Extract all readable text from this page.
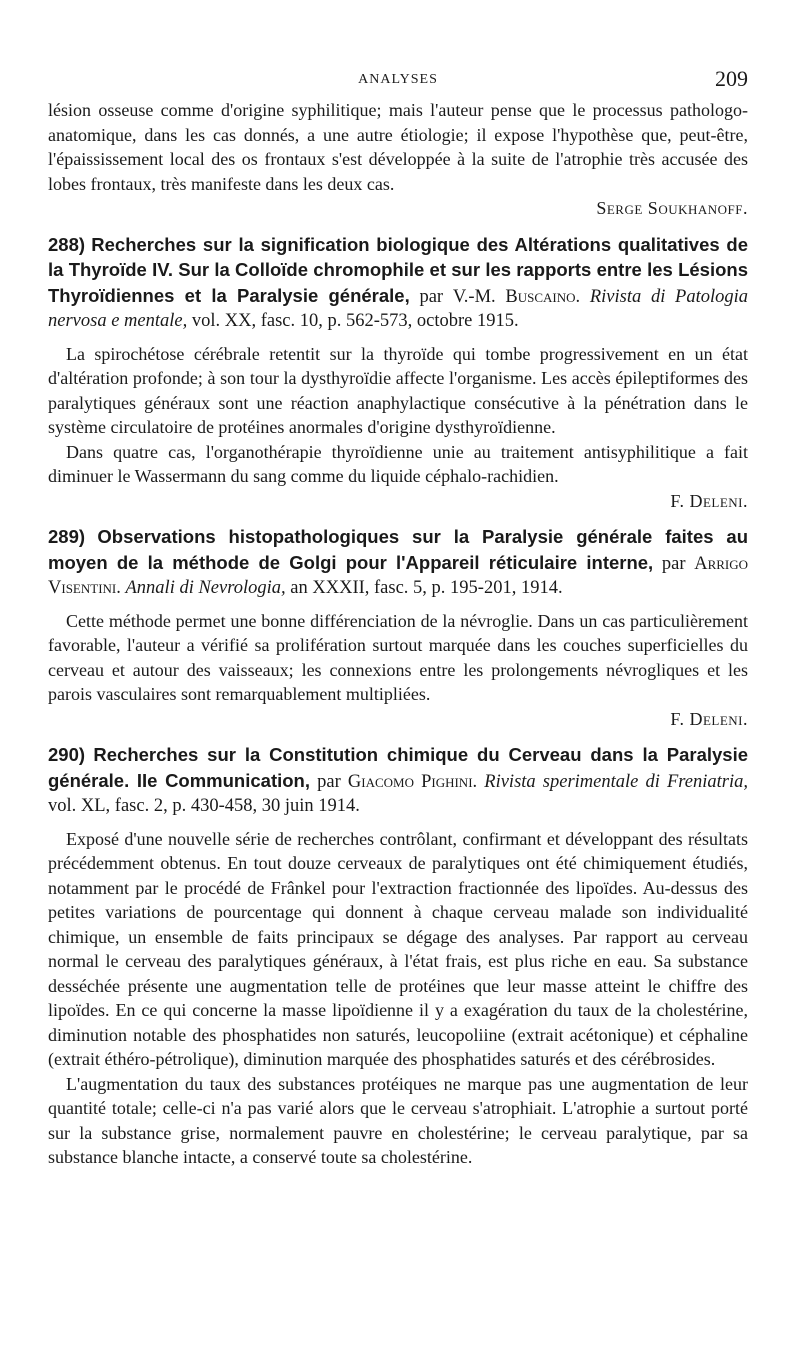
ANALYSES	209

lésion osseuse comme d'origine syphilitique; mais l'auteur pense que le processus pathologo-anatomique, dans les cas donnés, a une autre étiologie; il expose l'hypothèse que, peut-être, l'épaississement local des os frontaux s'est développée à la suite de l'atrophie très accusée des lobes frontaux, très manifeste dans les deux cas.

Serge Soukhanoff.

288) Recherches sur la signification biologique des Altérations qualitatives de la Thyroïde IV. Sur la Colloïde chromophile et sur les rapports entre les Lésions Thyroïdiennes et la Paralysie générale, par V.-M. Buscaino. Rivista di Patologia nervosa e mentale, vol. XX, fasc. 10, p. 562-573, octobre 1915.

La spirochétose cérébrale retentit sur la thyroïde qui tombe progressivement en un état d'altération profonde; à son tour la dysthyroïdie affecte l'organisme. Les accès épileptiformes des paralytiques généraux sont une réaction anaphylactique consécutive à la pénétration dans le système circulatoire de protéines anormales d'origine dysthyroïdienne.

Dans quatre cas, l'organothérapie thyroïdienne unie au traitement antisyphilitique a fait diminuer le Wassermann du sang comme du liquide céphalo-rachidien.

F. Deleni.

289) Observations histopathologiques sur la Paralysie générale faites au moyen de la méthode de Golgi pour l'Appareil réticulaire interne, par Arrigo Visentini. Annali di Nevrologia, an XXXII, fasc. 5, p. 195-201, 1914.

Cette méthode permet une bonne différenciation de la névroglie. Dans un cas particulièrement favorable, l'auteur a vérifié sa prolifération surtout marquée dans les couches superficielles du cerveau et autour des vaisseaux; les connexions entre les prolongements névrogliques et les parois vasculaires sont remarquablement multipliées.

F. Deleni.

290) Recherches sur la Constitution chimique du Cerveau dans la Paralysie générale. IIe Communication, par Giacomo Pighini. Rivista sperimentale di Freniatria, vol. XL, fasc. 2, p. 430-458, 30 juin 1914.

Exposé d'une nouvelle série de recherches contrôlant, confirmant et développant des résultats précédemment obtenus. En tout douze cerveaux de paralytiques ont été chimiquement étudiés, notamment par le procédé de Frânkel pour l'extraction fractionnée des lipoïdes. Au-dessus des petites variations de pourcentage qui donnent à chaque cerveau malade son individualité chimique, un ensemble de faits principaux se dégage des analyses. Par rapport au cerveau normal le cerveau des paralytiques généraux, à l'état frais, est plus riche en eau. Sa substance desséchée présente une augmentation telle de protéines que leur masse atteint le chiffre des lipoïdes. En ce qui concerne la masse lipoïdienne il y a exagération du taux de la cholestérine, diminution notable des phosphatides non saturés, leucopoliine (extrait acétonique) et céphaline (extrait éthéro-pétrolique), diminution marquée des phosphatides saturés et des cérébrosides.

L'augmentation du taux des substances protéiques ne marque pas une augmentation de leur quantité totale; celle-ci n'a pas varié alors que le cerveau s'atrophiait. L'atrophie a surtout porté sur la substance grise, normalement pauvre en cholestérine; le cerveau paralytique, par sa substance blanche intacte, a conservé toute sa cholestérine.
